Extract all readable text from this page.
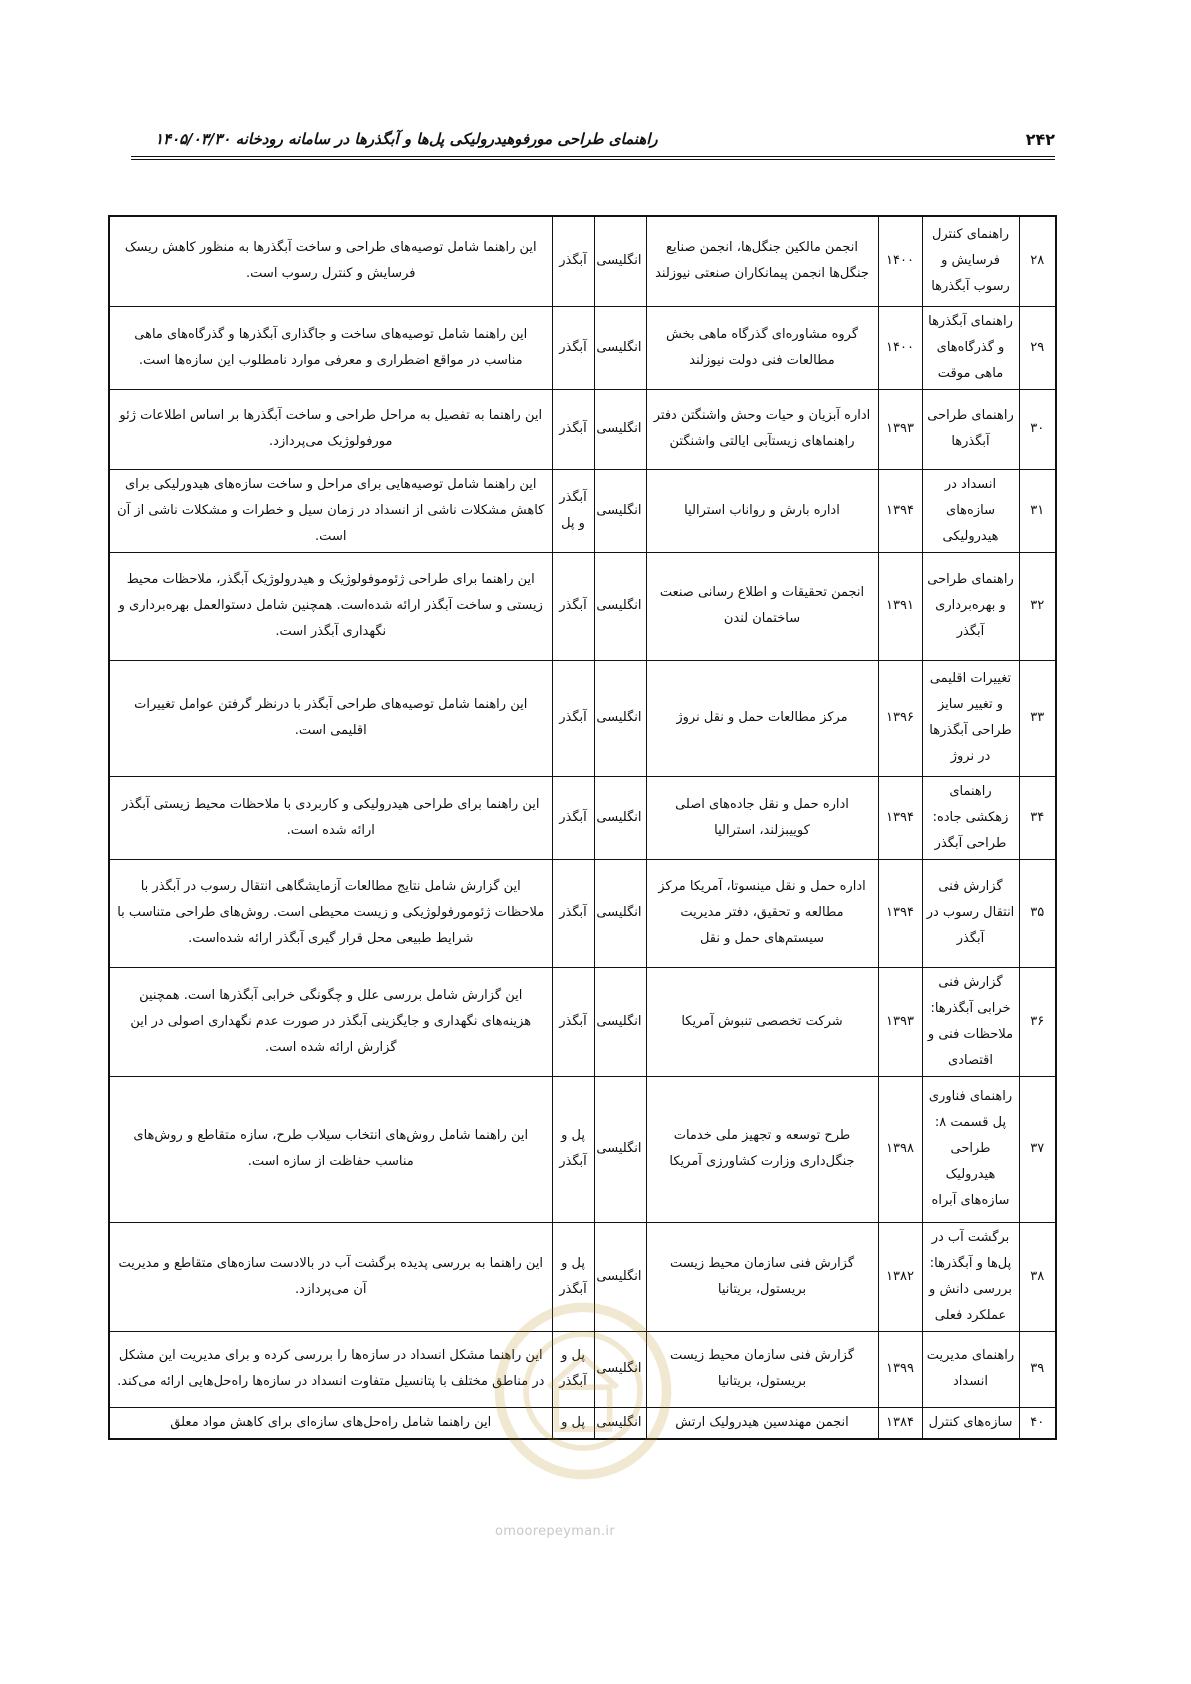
۲۴۲
راهنمای طراحی مورفوهیدرولیکی پل‌ها و آبگذرها در سامانه رودخانه ۱۴۰۵/۰۳/۳۰
۲۸	راهنمای کنترل فرسایش و رسوب آبگذرها	۱۴۰۰	انجمن مالکین جنگل‌ها، انجمن صنایع جنگل‌ها انجمن پیمانکاران صنعتی نیوزلند	انگلیسی	آبگذر	این راهنما شامل توصیه‌های طراحی و ساخت آبگذرها به منظور کاهش ریسک فرسایش و کنترل رسوب است.
۲۹	راهنمای آبگذرها و گذرگاه‌های ماهی موقت	۱۴۰۰	گروه مشاوره‌ای گذرگاه ماهی بخش مطالعات فنی دولت نیوزلند	انگلیسی	آبگذر	این راهنما شامل توصیه‌های ساخت و جاگذاری آبگذرها و گذرگاه‌های ماهی مناسب در مواقع اضطراری و معرفی موارد نامطلوب این سازه‌ها است.
۳۰	راهنمای طراحی آبگذرها	۱۳۹۳	اداره آبزیان و حیات وحش واشنگتن دفتر راهنماهای زیستآبی ایالتی واشنگتن	انگلیسی	آبگذر	این راهنما به تفصیل به مراحل طراحی و ساخت آبگذرها بر اساس اطلاعات ژئو مورفولوژیک می‌پردازد.
۳۱	انسداد در سازه‌های هیدرولیکی	۱۳۹۴	اداره بارش و رواناب استرالیا	انگلیسی	آبگذر و پل	این راهنما شامل توصیه‌هایی برای مراحل و ساخت سازه‌های هیدورلیکی برای کاهش مشکلات ناشی از انسداد در زمان سیل و خطرات و مشکلات ناشی از آن است.
۳۲	راهنمای طراحی و بهره‌برداری آبگذر	۱۳۹۱	انجمن تحقیقات و اطلاع رسانی صنعت ساختمان لندن	انگلیسی	آبگذر	این راهنما برای طراحی ژئوموفولوژیک و هیدرولوژیک آبگذر، ملاحظات محیط زیستی و ساخت آبگذر ارائه شده‌است. همچنین شامل دستوالعمل بهره‌برداری و نگهداری آبگذر است.
۳۳	تغییرات اقلیمی و تغییر سایز طراحی آبگذرها در نروژ	۱۳۹۶	مرکز مطالعات حمل و نقل نروژ	انگلیسی	آبگذر	این راهنما شامل توصیه‌های طراحی آبگذر با درنظر گرفتن عوامل تغییرات اقلیمی است.
۳۴	راهنمای زهکشی جاده: طراحی آبگذر	۱۳۹۴	اداره حمل و نقل جاده‌های اصلی کوییبزلند، استرالیا	انگلیسی	آبگذر	این راهنما برای طراحی هیدرولیکی و کاربردی با ملاحظات محیط زیستی آبگذر ارائه شده است.
۳۵	گزارش فنی انتقال رسوب در آبگذر	۱۳۹۴	اداره حمل و نقل مینسوتا، آمریکا مرکز مطالعه و تحقیق، دفتر مدیریت سیستم‌های حمل و نقل	انگلیسی	آبگذر	این گزارش شامل نتایج مطالعات آزمایشگاهی انتقال رسوب در آبگذر با ملاحظات ژئومورفولوژیکی و زیست محیطی است. روش‌های طراحی متناسب با شرایط طبیعی محل قرار گیری آبگذر ارائه شده‌است.
۳۶	گزارش فنی خرابی آبگذرها: ملاحظات فنی و اقتصادی	۱۳۹۳	شرکت تخصصی تنبوش آمریکا	انگلیسی	آبگذر	این گزارش شامل بررسی علل و چگونگی خرابی آبگذرها است. همچنین هزینه‌های نگهداری و جایگزینی آبگذر در صورت عدم نگهداری اصولی در این گزارش ارائه شده است.
۳۷	راهنمای فناوری پل قسمت ۸: طراحی هیدرولیک سازه‌های آبراه	۱۳۹۸	طرح توسعه و تجهیز ملی خدمات جنگل‌داری وزارت کشاورزی آمریکا	انگلیسی	پل و آبگذر	این راهنما شامل روش‌های انتخاب سیلاب طرح، سازه متقاطع و روش‌های مناسب حفاظت از سازه است.
۳۸	برگشت آب در پل‌ها و آبگذرها: بررسی دانش و عملکرد فعلی	۱۳۸۲	گزارش فنی سازمان محیط زیست بریستول، بریتانیا	انگلیسی	پل و آبگذر	این راهنما به بررسی پدیده برگشت آب در بالادست سازه‌های متقاطع و مدیریت آن می‌پردازد.
۳۹	راهنمای مدیریت انسداد	۱۳۹۹	گزارش فنی سازمان محیط زیست بریستول، بریتانیا	انگلیسی	پل و آبگذر	این راهنما مشکل انسداد در سازه‌ها را بررسی کرده و برای مدیریت این مشکل در مناطق مختلف با پتانسیل متفاوت انسداد در سازه‌ها راه‌حل‌هایی ارائه می‌کند.
۴۰	سازه‌های کنترل	۱۳۸۴	انجمن مهندسین هیدرولیک ارتش	انگلیسی	پل و	این راهنما شامل راه‌حل‌های سازه‌ای برای کاهش مواد معلق
omoorepeyman.ir
